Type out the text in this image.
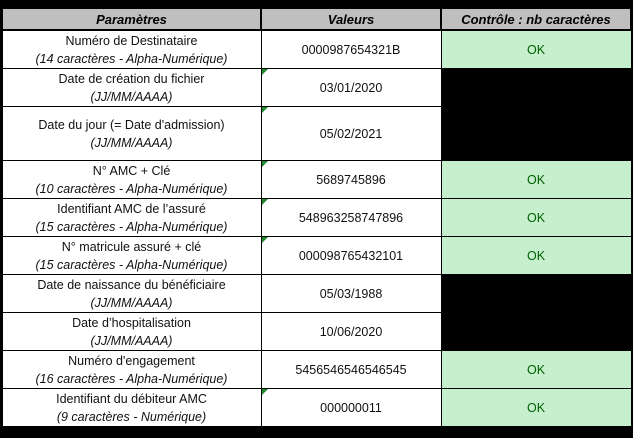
Paramètres	Valeurs	Contrôle : nb caractères

Numéro de Destinataire
(14 caractères - Alpha-Numérique)	0000987654321B	OK

Date de création du fichier
(JJ/MM/AAAA)	03/01/2020	

Date du jour (= Date d'admission)
(JJ/MM/AAAA)	05/02/2021	

N° AMC + Clé
(10 caractères - Alpha-Numérique)	5689745896	OK

Identifiant AMC de l’assuré
(15 caractères - Alpha-Numérique)	548963258747896	OK

N° matricule assuré + clé
(15 caractères - Alpha-Numérique)	000098765432101	OK

Date de naissance du bénéficiaire
(JJ/MM/AAAA)	05/03/1988	

Date d’hospitalisation
(JJ/MM/AAAA)	10/06/2020	

Numéro d'engagement
(16 caractères - Alpha-Numérique)	5456546546546545	OK

Identifiant du débiteur AMC
(9 caractères - Numérique)	000000011	OK
